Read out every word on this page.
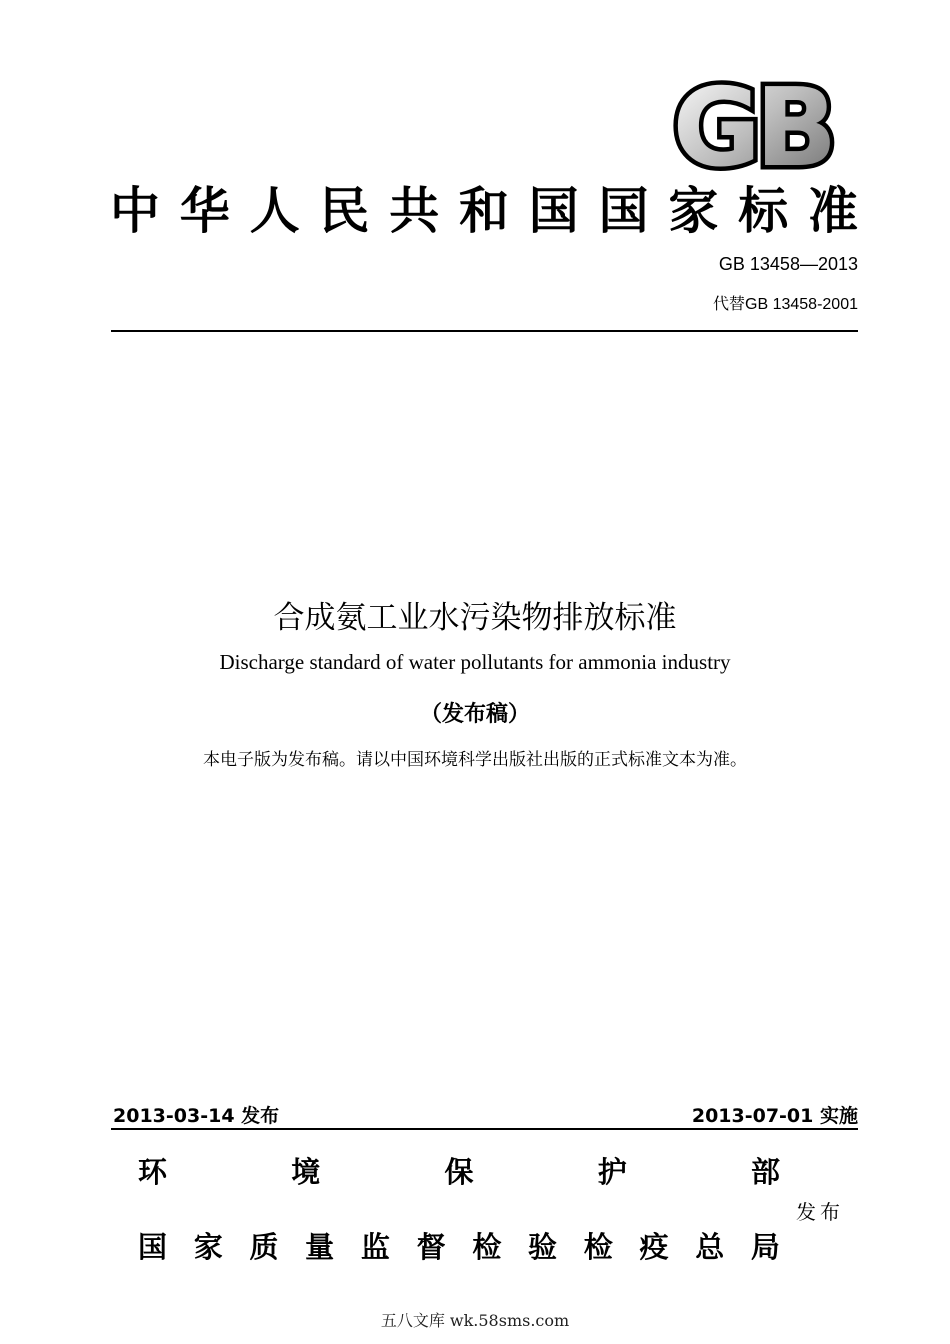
GB
中华人民共和国国家标准
GB 13458—2013
代替GB 13458-2001
合成氨工业水污染物排放标准
Discharge standard of water pollutants for ammonia industry
（发布稿）
本电子版为发布稿。请以中国环境科学出版社出版的正式标准文本为准。
2013-03-14 发布	2013-07-01 实施
环	境	保	护	部
发布
国 家 质 量 监 督 检 验 检 疫 总 局
五八文库 wk.58sms.com
